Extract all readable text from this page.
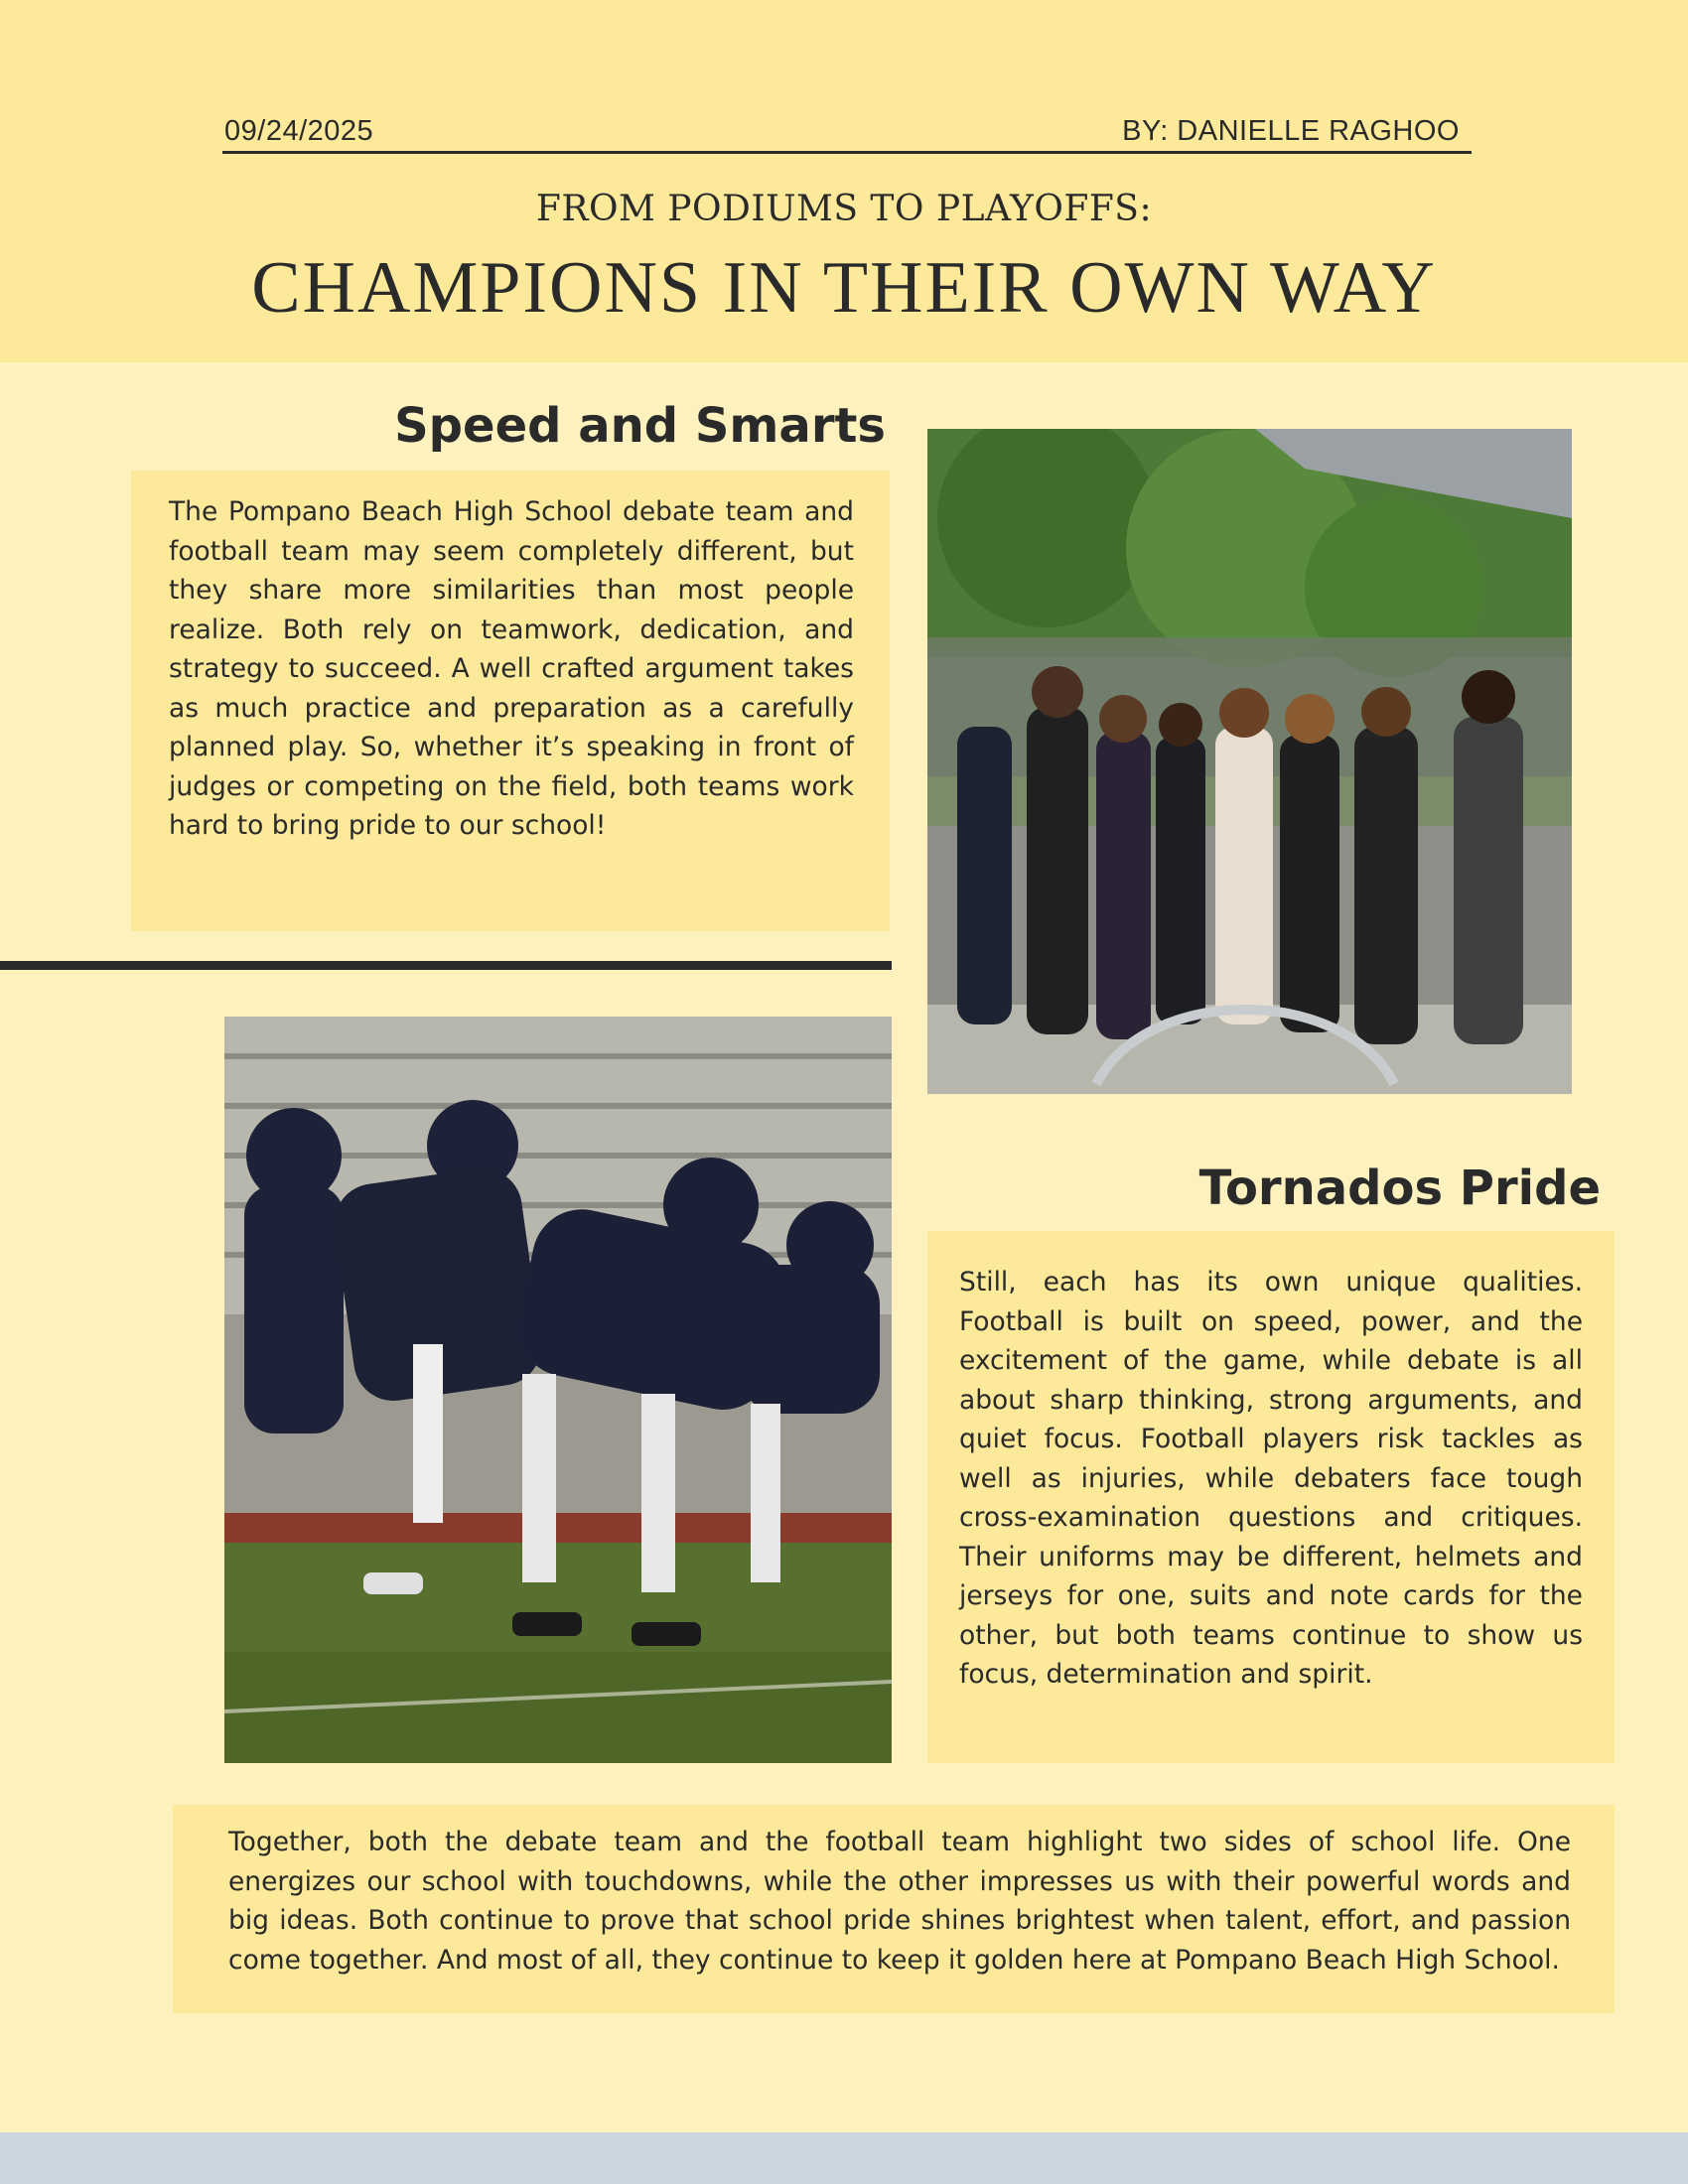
09/24/2025	BY: DANIELLE RAGHOO
FROM PODIUMS TO PLAYOFFS:
CHAMPIONS IN THEIR OWN WAY
Speed and Smarts

The Pompano Beach High School debate team and football team may seem completely different, but they share more similarities than most people realize. Both rely on teamwork, dedication, and strategy to succeed. A well crafted argument takes as much practice and preparation as a carefully planned play. So, whether it’s speaking in front of judges or competing on the field, both teams work hard to bring pride to our school!

Tornados Pride

Still, each has its own unique qualities. Football is built on speed, power, and the excitement of the game, while debate is all about sharp thinking, strong arguments, and quiet focus. Football players risk tackles as well as injuries, while debaters face tough cross-examination questions and critiques. Their uniforms may be different, helmets and jerseys for one, suits and note cards for the other, but both teams continue to show us focus, determination and spirit.

Together, both the debate team and the football team highlight two sides of school life. One energizes our school with touchdowns, while the other impresses us with their powerful words and big ideas. Both continue to prove that school pride shines brightest when talent, effort, and passion come together. And most of all, they continue to keep it golden here at Pompano Beach High School.
